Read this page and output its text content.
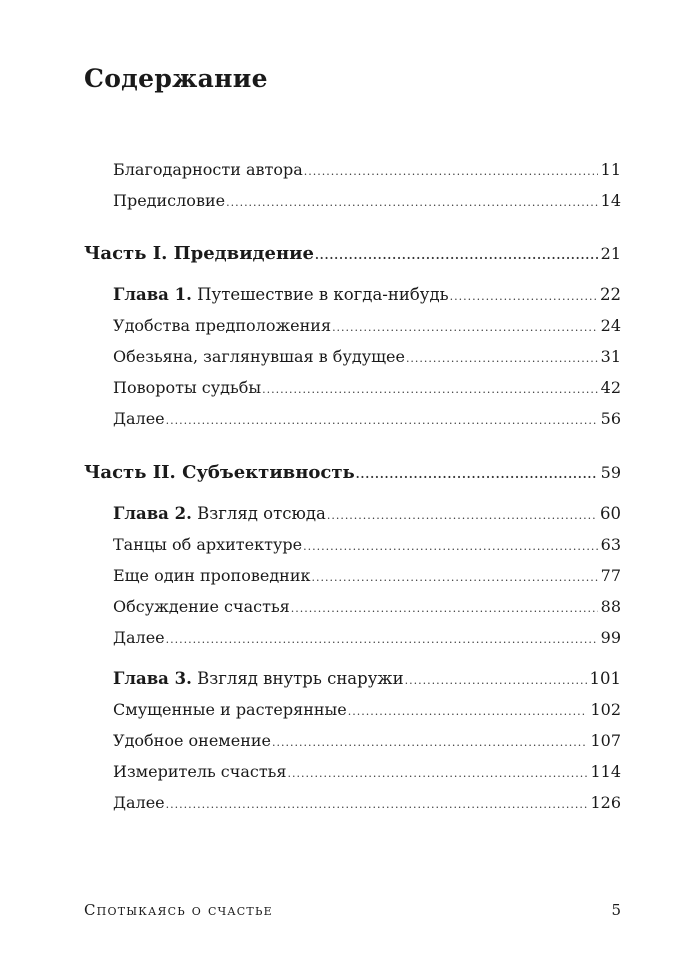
Содержание
Благодарности автора .....	11
Предисловие .....	14
Часть I. Предвидение .....	21
Глава 1. Путешествие в когда-нибудь .....	22
Удобства предположения .....	24
Обезьяна, заглянувшая в будущее .....	31
Повороты судьбы .....	42
Далее .....	56
Часть II. Субъективность .....	59
Глава 2. Взгляд отсюда .....	60
Танцы об архитектуре .....	63
Еще один проповедник .....	77
Обсуждение счастья .....	88
Далее .....	99
Глава 3. Взгляд внутрь снаружи .....	101
Смущенные и растерянные .....	102
Удобное онемение .....	107
Измеритель счастья .....	114
Далее .....	126
Спотыкаясь о счастье	5
